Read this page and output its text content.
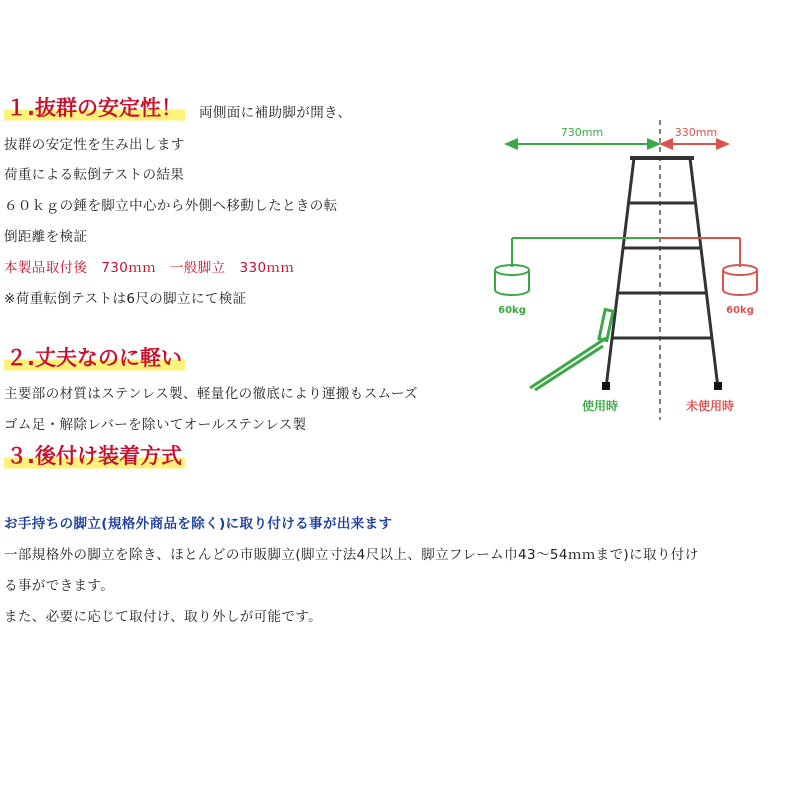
１.抜群の安定性！ 両側面に補助脚が開き、
抜群の安定性を生み出します
荷重による転倒テストの結果
６０ｋｇの錘を脚立中心から外側へ移動したときの転
倒距離を検証
本製品取付後　730ｍｍ　一般脚立　330ｍｍ
※荷重転倒テストは6尺の脚立にて検証
２.丈夫なのに軽い
主要部の材質はステンレス製、軽量化の徹底により運搬もスムーズ
ゴム足・解除レバーを除いてオールステンレス製
３.後付け装着方式
お手持ちの脚立(規格外商品を除く)に取り付ける事が出来ます
一部規格外の脚立を除き、ほとんどの市販脚立(脚立寸法4尺以上、脚立フレーム巾43～54ｍｍまで)に取り付け
る事ができます。
また、必要に応じて取付け、取り外しが可能です。
730mm	330mm
60kg	60kg
使用時	未使用時
